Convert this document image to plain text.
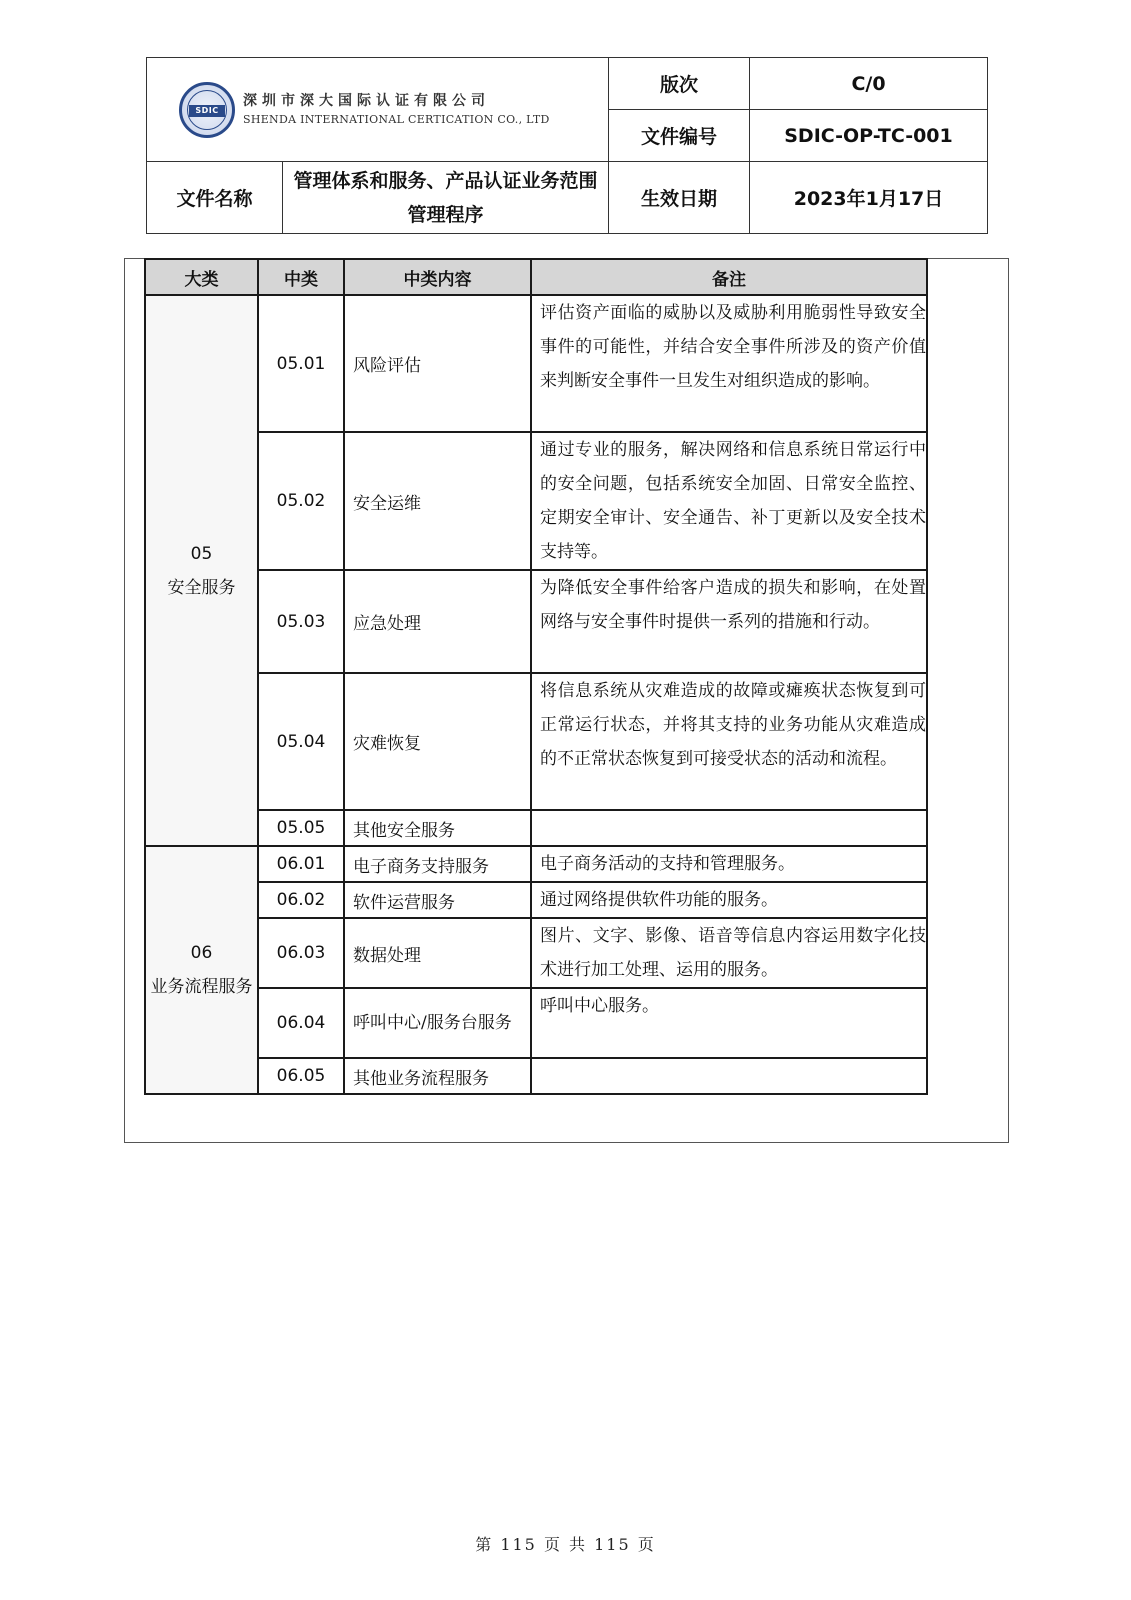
SDIC
深圳市深大国际认证有限公司
SHENDA INTERNATIONAL CERTICATION CO., LTD		版次	C/0
		文件编号	SDIC-OP-TC-001
文件名称	管理体系和服务、产品认证业务范围管理程序	生效日期	2023年1月17日
大类	中类	中类内容	备注

05
安全服务	05.01	风险评估	评估资产面临的威胁以及威胁利用脆弱性导致安全事件的可能性，并结合安全事件所涉及的资产价值来判断安全事件一旦发生对组织造成的影响。
	05.02	安全运维	通过专业的服务，解决网络和信息系统日常运行中的安全问题，包括系统安全加固、日常安全监控、定期安全审计、安全通告、补丁更新以及安全技术支持等。
	05.03	应急处理	为降低安全事件给客户造成的损失和影响，在处置网络与安全事件时提供一系列的措施和行动。
	05.04	灾难恢复	将信息系统从灾难造成的故障或瘫痪状态恢复到可正常运行状态，并将其支持的业务功能从灾难造成的不正常状态恢复到可接受状态的活动和流程。
	05.05	其他安全服务	

06
业务流程服务	06.01	电子商务支持服务	电子商务活动的支持和管理服务。
	06.02	软件运营服务	通过网络提供软件功能的服务。
	06.03	数据处理	图片、文字、影像、语音等信息内容运用数字化技术进行加工处理、运用的服务。
	06.04	呼叫中心/服务台服务	呼叫中心服务。
	06.05	其他业务流程服务	
第 115 页 共 115 页
